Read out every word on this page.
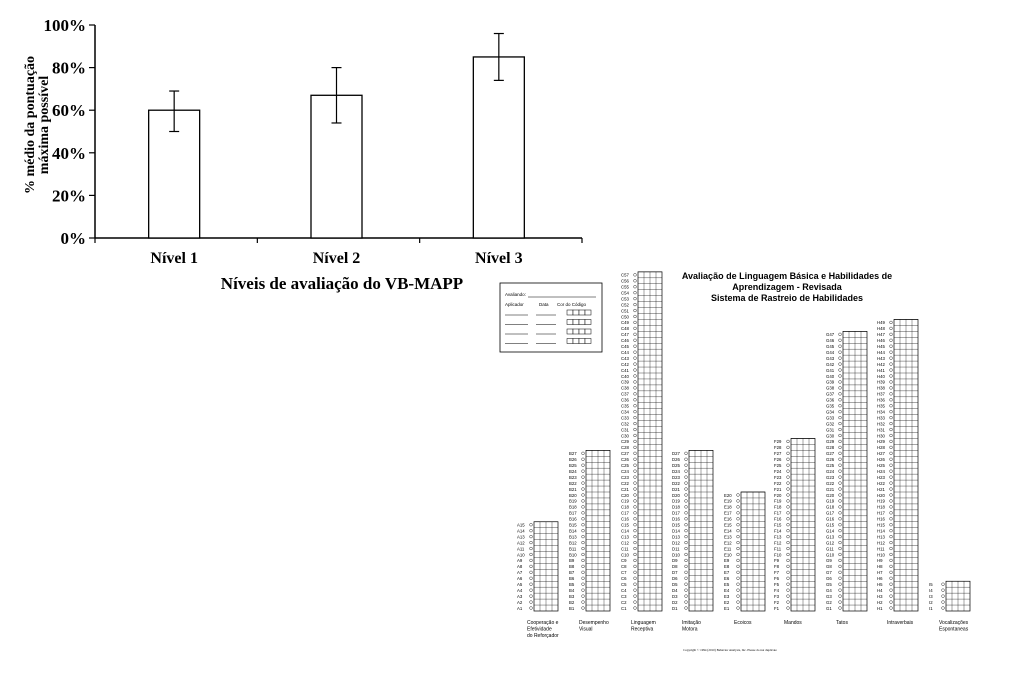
0%
20%
40%
60%
80%
100%
Nível 1	Nível 2	Nível 3
Níveis de avaliação do VB-MAPP
% médio da pontuação máxima possível
Avaliação de Linguagem Básica e Habilidades de
Aprendizagem - Revisada
Sistema de Rastreio de Habilidades
Avaliando:
Aplicador	Data Cor do Código
A1
A2
A3
A4
A5
A6
A7
A8
A9
A10
A11
A12
A13
A14
A15
Cooperação e
Efetividade
do Reforçador
B1
B2
B3
B4
B5
B6
B7
B8
B9
B10
B11
B12
B13
B14
B15
B16
B17
B18
B19
B20
B21
B22
B23
B24
B25
B26
B27
Desempenho
Visual
C1
C2
C3
C4
C5
C6
C7
C8
C9
C10
C11
C12
C13
C14
C15
C16
C17
C18
C19
C20
C21
C22
C23
C24
C25
C26
C27
C28
C29
C30
C31
C32
C33
C34
C35
C36
C37
C38
C39
C40
C41
C42
C43
C44
C45
C46
C47
C48
C49
C50
C51
C52
C53
C54
C55
C56
C57
Linguagem
Receptiva
D1
D2
D3
D4
D5
D6
D7
D8
D9
D10
D11
D12
D13
D14
D15
D16
D17
D18
D19
D20
D21
D22
D23
D24
D25
D26
D27
Imitação
Motora
E1
E2
E3
E4
E5
E6
E7
E8
E9
E10
E11
E12
E13
E14
E15
E16
E17
E18
E19
E20
Ecoicos
F1
F2
F3
F4
F5
F6
F7
F8
F9
F10
F11
F12
F13
F14
F15
F16
F17
F18
F19
F20
F21
F22
F23
F24
F25
F26
F27
F28
F29
Mandos
G1
G2
G3
G4
G5
G6
G7
G8
G9
G10
G11
G12
G13
G14
G15
G16
G17
G18
G19
G20
G21
G22
G23
G24
G25
G26
G27
G28
G29
G30
G31
G32
G33
G34
G35
G36
G37
G38
G39
G40
G41
G42
G43
G44
G45
G46
G47
Tatos
H1
H2
H3
H4
H5
H6
H7
H8
H9
H10
H11
H12
H13
H14
H15
H16
H17
H18
H19
H20
H21
H22
H23
H24
H25
H26
H27
H28
H29
H30
H31
H32
H33
H34
H35
H36
H37
H38
H39
H40
H41
H42
H43
H44
H45
H46
H47
H48
H49
Intraverbais
I1
I2
I3
I4
I5
Vocalizações
Espontaneas
Copyright © 1994 (2010) Behavior Analysts, Inc. Please do not duplicate
